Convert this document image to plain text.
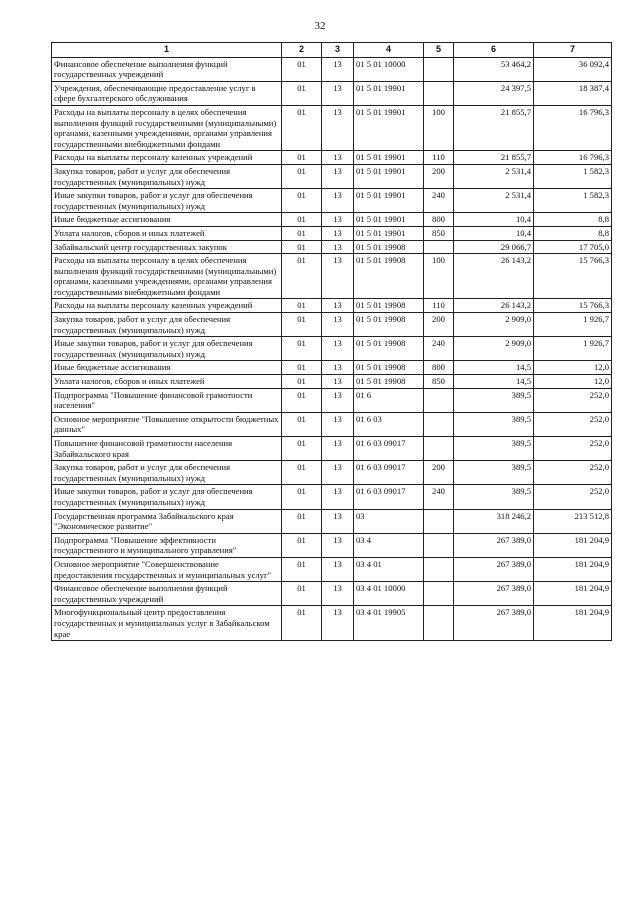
32
1	2	3	4	5	6	7
Финансовое обеспечение выполнения функций государственных учреждений	01	13	01 5 01 10000		53 464,2	36 092,4
Учреждения, обеспечивающие предоставление услуг в сфере бухгалтерского обслуживания	01	13	01 5 01 19901		24 397,5	18 387,4
Расходы на выплаты персоналу в целях обеспечения выполнения функций государственными (муниципальными) органами, казенными учреждениями, органами управления государственными внебюджетными фондами	01	13	01 5 01 19901	100	21 855,7	16 796,3
Расходы на выплаты персоналу казенных учреждений	01	13	01 5 01 19901	110	21 855,7	16 796,3
Закупка товаров, работ и услуг для обеспечения государственных (муниципальных) нужд	01	13	01 5 01 19901	200	2 531,4	1 582,3
Иные закупки товаров, работ и услуг для обеспечения государственных (муниципальных) нужд	01	13	01 5 01 19901	240	2 531,4	1 582,3
Иные бюджетные ассигнования	01	13	01 5 01 19901	800	10,4	8,8
Уплата налогов, сборов и иных платежей	01	13	01 5 01 19901	850	10,4	8,8
Забайкальский центр государственных закупок	01	13	01 5 01 19908		29 066,7	17 705,0
Расходы на выплаты персоналу в целях обеспечения выполнения функций государственными (муниципальными) органами, казенными учреждениями, органами управления государственными внебюджетными фондами	01	13	01 5 01 19908	100	26 143,2	15 766,3
Расходы на выплаты персоналу казенных учреждений	01	13	01 5 01 19908	110	26 143,2	15 766,3
Закупка товаров, работ и услуг для обеспечения государственных (муниципальных) нужд	01	13	01 5 01 19908	200	2 909,0	1 926,7
Иные закупки товаров, работ и услуг для обеспечения государственных (муниципальных) нужд	01	13	01 5 01 19908	240	2 909,0	1 926,7
Иные бюджетные ассигнования	01	13	01 5 01 19908	800	14,5	12,0
Уплата налогов, сборов и иных платежей	01	13	01 5 01 19908	850	14,5	12,0
Подпрограмма "Повышение финансовой грамотности населения"	01	13	01 6		389,5	252,0
Основное мероприятие "Повышение открытости бюджетных данных"	01	13	01 6 03		389,5	252,0
Повышение финансовой грамотности населения Забайкальского края	01	13	01 6 03 09017		389,5	252,0
Закупка товаров, работ и услуг для обеспечения государственных (муниципальных) нужд	01	13	01 6 03 09017	200	389,5	252,0
Иные закупки товаров, работ и услуг для обеспечения государственных (муниципальных) нужд	01	13	01 6 03 09017	240	389,5	252,0
Государственная программа Забайкальского края "Экономическое развитие"	01	13	03		318 246,2	213 512,8
Подпрограмма "Повышение эффективности государственного и муниципального управления"	01	13	03 4		267 389,0	181 204,9
Основное мероприятие "Совершенствование предоставления государственных и муниципальных услуг"	01	13	03 4 01		267 389,0	181 204,9
Финансовое обеспечение выполнения функций государственных учреждений	01	13	03 4 01 10000		267 389,0	181 204,9
Многофункциональный центр предоставления государственных и муниципальных услуг в Забайкальском крае	01	13	03 4 01 19905		267 389,0	181 204,9
